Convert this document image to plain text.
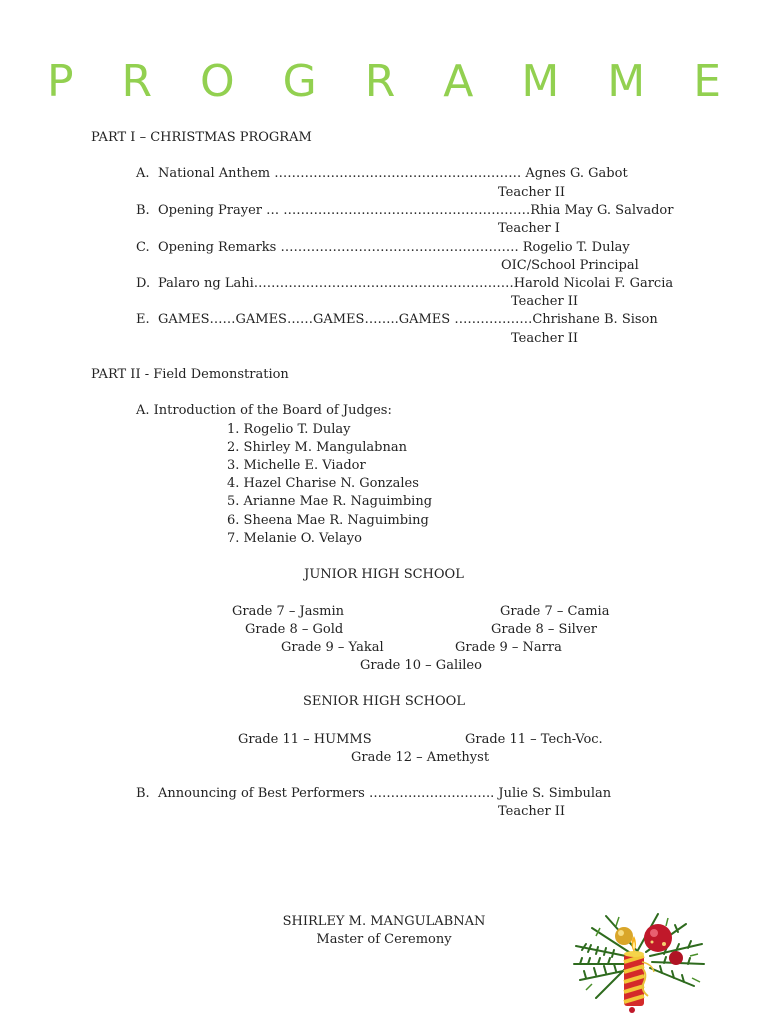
P R O G R A M M E
PART I – CHRISTMAS PROGRAM
A. National Anthem ………………………………………………… Agnes G. Gabot
Teacher II
B. Opening Prayer … …………………………………………………Rhia May G. Salvador
Teacher I
C. Opening Remarks ………………………………………………. Rogelio T. Dulay
OIC/School Principal
D. Palaro ng Lahi……………………………………………………Harold Nicolai F. Garcia
Teacher II
E. GAMES……GAMES……GAMES……..GAMES ………………Chrishane B. Sison
Teacher II
PART II - Field Demonstration
A. Introduction of the Board of Judges:
1. Rogelio T. Dulay
2. Shirley M. Mangulabnan
3. Michelle E. Viador
4. Hazel Charise N. Gonzales
5. Arianne Mae R. Naguimbing
6. Sheena Mae R. Naguimbing
7. Melanie O. Velayo
JUNIOR HIGH SCHOOL
Grade 7 – Jasmin	Grade 7 – Camia
Grade 8 – Gold	Grade 8 – Silver
Grade 9 – Yakal	Grade 9 – Narra
Grade 10 – Galileo
SENIOR HIGH SCHOOL
Grade 11 – HUMMS	Grade 11 – Tech-Voc.
Grade 12 – Amethyst
B. Announcing of Best Performers ……………………….. Julie S. Simbulan
Teacher II
SHIRLEY M. MANGULABNAN
Master of Ceremony
